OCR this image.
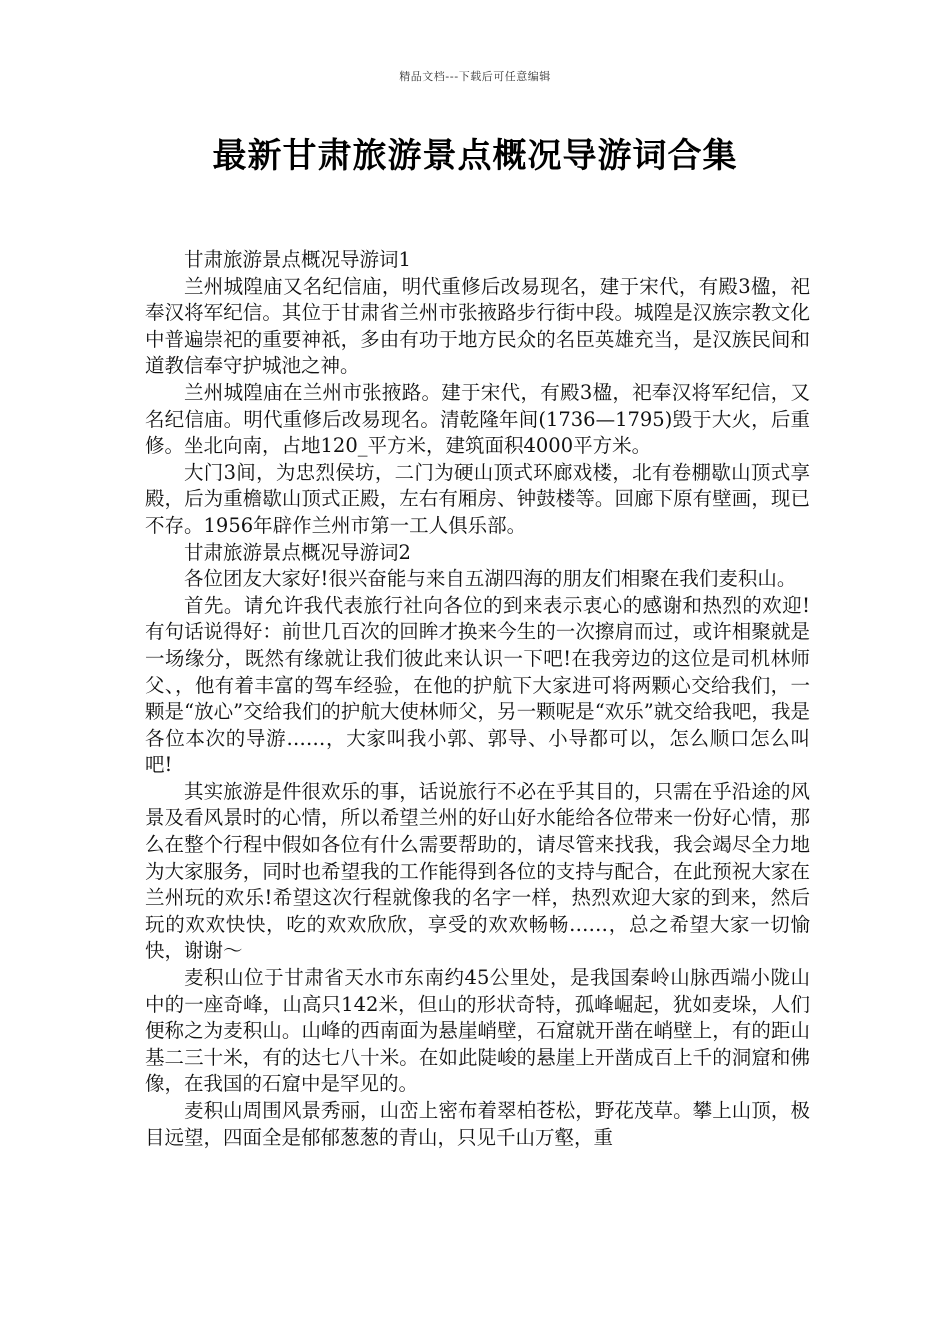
精品文档---下载后可任意编辑
最新甘肃旅游景点概况导游词合集

甘肃旅游景点概况导游词1

兰州城隍庙又名纪信庙，明代重修后改易现名，建于宋代，有殿3楹，祀奉汉将军纪信。其位于甘肃省兰州市张掖路步行街中段。城隍是汉族宗教文化中普遍崇祀的重要神祇，多由有功于地方民众的名臣英雄充当，是汉族民间和道教信奉守护城池之神。

兰州城隍庙在兰州市张掖路。建于宋代，有殿3楹，祀奉汉将军纪信，又名纪信庙。明代重修后改易现名。清乾隆年间(1736—1795)毁于大火，后重修。坐北向南，占地120_平方米，建筑面积4000平方米。

大门3间，为忠烈侯坊，二门为硬山顶式环廊戏楼，北有卷棚歇山顶式享殿，后为重檐歇山顶式正殿，左右有厢房、钟鼓楼等。回廊下原有壁画，现已不存。1956年辟作兰州市第一工人俱乐部。

甘肃旅游景点概况导游词2

各位团友大家好!很兴奋能与来自五湖四海的朋友们相聚在我们麦积山。

首先。请允许我代表旅行社向各位的到来表示衷心的感谢和热烈的欢迎!有句话说得好：前世几百次的回眸才换来今生的一次擦肩而过，或许相聚就是一场缘分，既然有缘就让我们彼此来认识一下吧!在我旁边的这位是司机林师父、，他有着丰富的驾车经验，在他的护航下大家进可将两颗心交给我们，一颗是“放心”交给我们的护航大使林师父，另一颗呢是“欢乐”就交给我吧，我是各位本次的导游……，大家叫我小郭、郭导、小导都可以，怎么顺口怎么叫吧!

其实旅游是件很欢乐的事，话说旅行不必在乎其目的，只需在乎沿途的风景及看风景时的心情，所以希望兰州的好山好水能给各位带来一份好心情，那么在整个行程中假如各位有什么需要帮助的，请尽管来找我，我会竭尽全力地为大家服务，同时也希望我的工作能得到各位的支持与配合，在此预祝大家在兰州玩的欢乐!希望这次行程就像我的名字一样，热烈欢迎大家的到来，然后玩的欢欢快快，吃的欢欢欣欣，享受的欢欢畅畅……，总之希望大家一切愉快，谢谢～

麦积山位于甘肃省天水市东南约45公里处，是我国秦岭山脉西端小陇山中的一座奇峰，山高只142米，但山的形状奇特，孤峰崛起，犹如麦垛，人们便称之为麦积山。山峰的西南面为悬崖峭壁，石窟就开凿在峭壁上，有的距山基二三十米，有的达七八十米。在如此陡峻的悬崖上开凿成百上千的洞窟和佛像，在我国的石窟中是罕见的。

麦积山周围风景秀丽，山峦上密布着翠柏苍松，野花茂草。攀上山顶，极目远望，四面全是郁郁葱葱的青山，只见千山万壑，重
